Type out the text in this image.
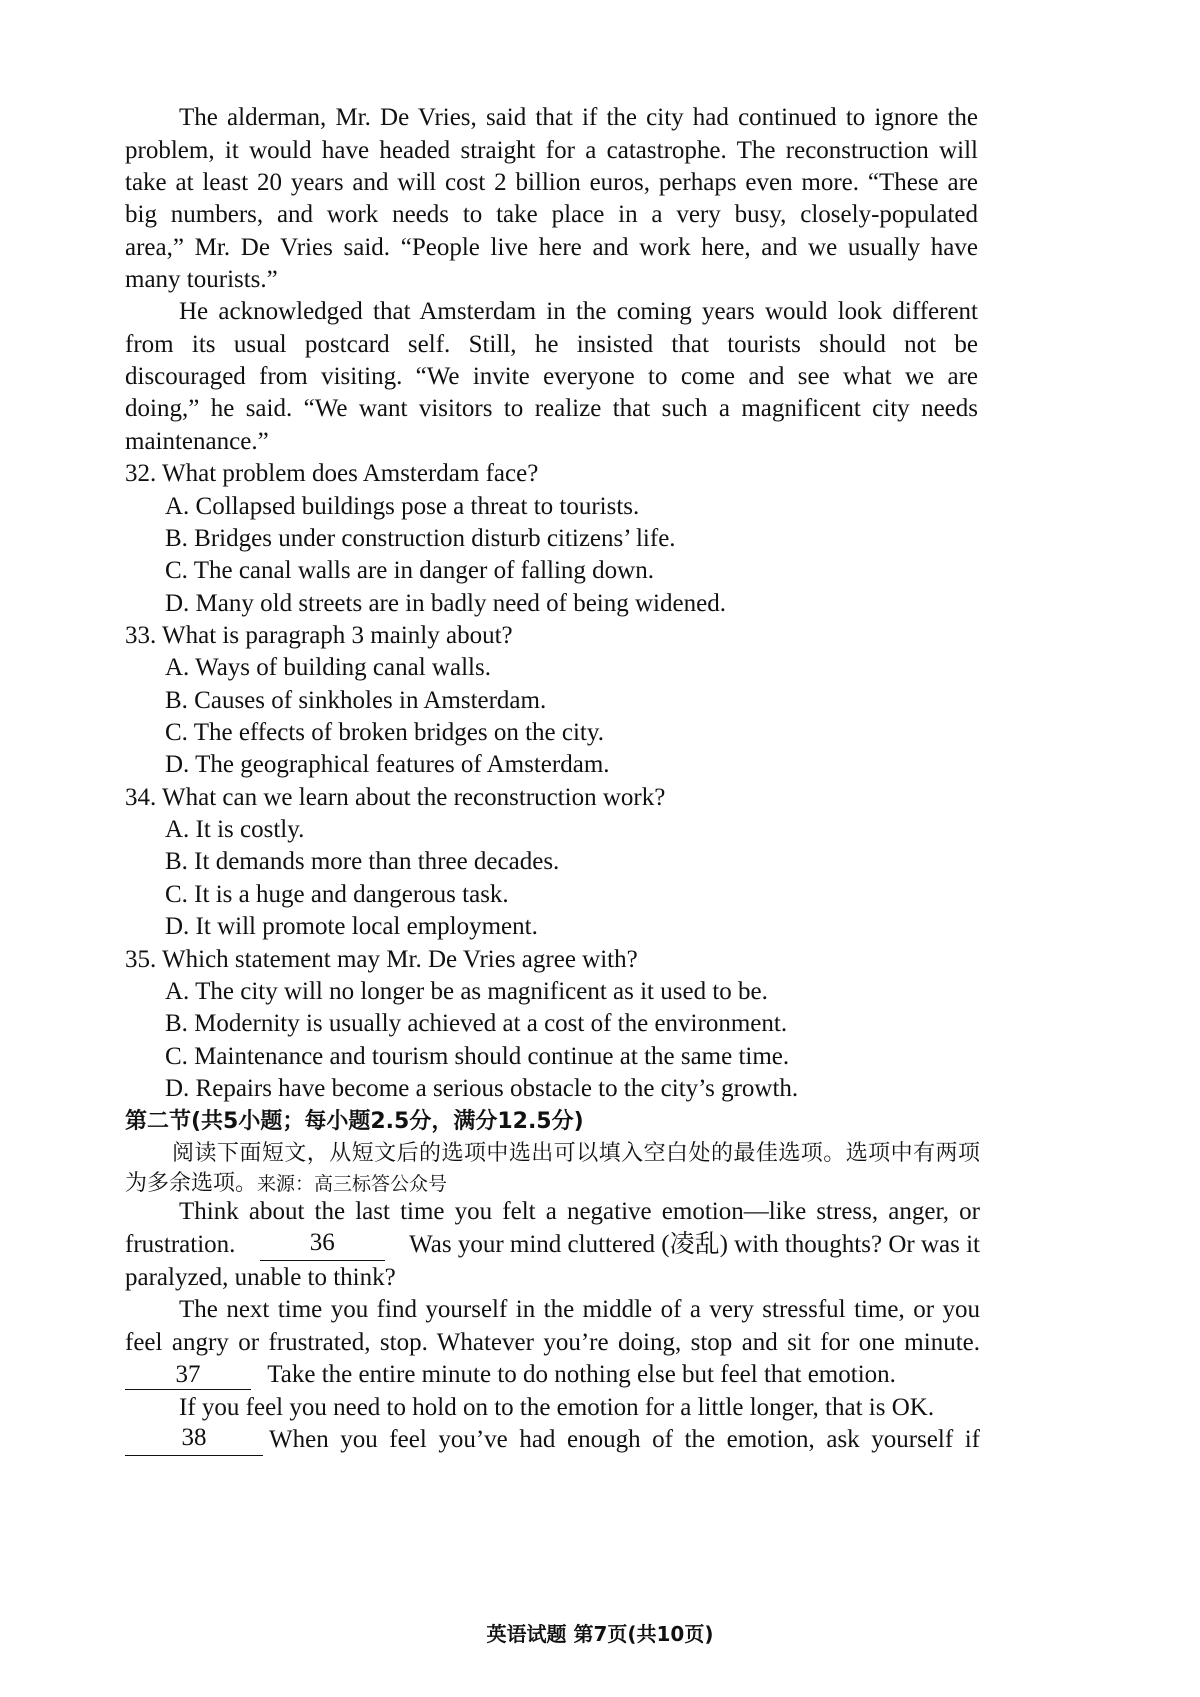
The alderman, Mr. De Vries, said that if the city had continued to ignore the
problem, it would have headed straight for a catastrophe. The reconstruction will
take at least 20 years and will cost 2 billion euros, perhaps even more. “These are
big numbers, and work needs to take place in a very busy, closely-populated
area,” Mr. De Vries said. “People live here and work here, and we usually have
many tourists.”
He acknowledged that Amsterdam in the coming years would look different
from its usual postcard self. Still, he insisted that tourists should not be
discouraged from visiting. “We invite everyone to come and see what we are
doing,” he said. “We want visitors to realize that such a magnificent city needs
maintenance.”
32. What problem does Amsterdam face?
A. Collapsed buildings pose a threat to tourists.
B. Bridges under construction disturb citizens’ life.
C. The canal walls are in danger of falling down.
D. Many old streets are in badly need of being widened.
33. What is paragraph 3 mainly about?
A. Ways of building canal walls.
B. Causes of sinkholes in Amsterdam.
C. The effects of broken bridges on the city.
D. The geographical features of Amsterdam.
34. What can we learn about the reconstruction work?
A. It is costly.
B. It demands more than three decades.
C. It is a huge and dangerous task.
D. It will promote local employment.
35. Which statement may Mr. De Vries agree with?
A. The city will no longer be as magnificent as it used to be.
B. Modernity is usually achieved at a cost of the environment.
C. Maintenance and tourism should continue at the same time.
D. Repairs have become a serious obstacle to the city’s growth.
第二节(共5小题；每小题2.5分，满分12.5分)
阅读下面短文，从短文后的选项中选出可以填入空白处的最佳选项。选项中有两项
为多余选项。来源：高三标答公众号
Think about the last time you felt a negative emotion—like stress, anger, or
frustration.	36	Was your mind cluttered (凌乱) with thoughts? Or was it
paralyzed, unable to think?
The next time you find yourself in the middle of a very stressful time, or you
feel angry or frustrated, stop. Whatever you’re doing, stop and sit for one minute.
37	Take the entire minute to do nothing else but feel that emotion.
If you feel you need to hold on to the emotion for a little longer, that is OK.
38	When you feel you’ve had enough of the emotion, ask yourself if
英语试题 第7页(共10页)
